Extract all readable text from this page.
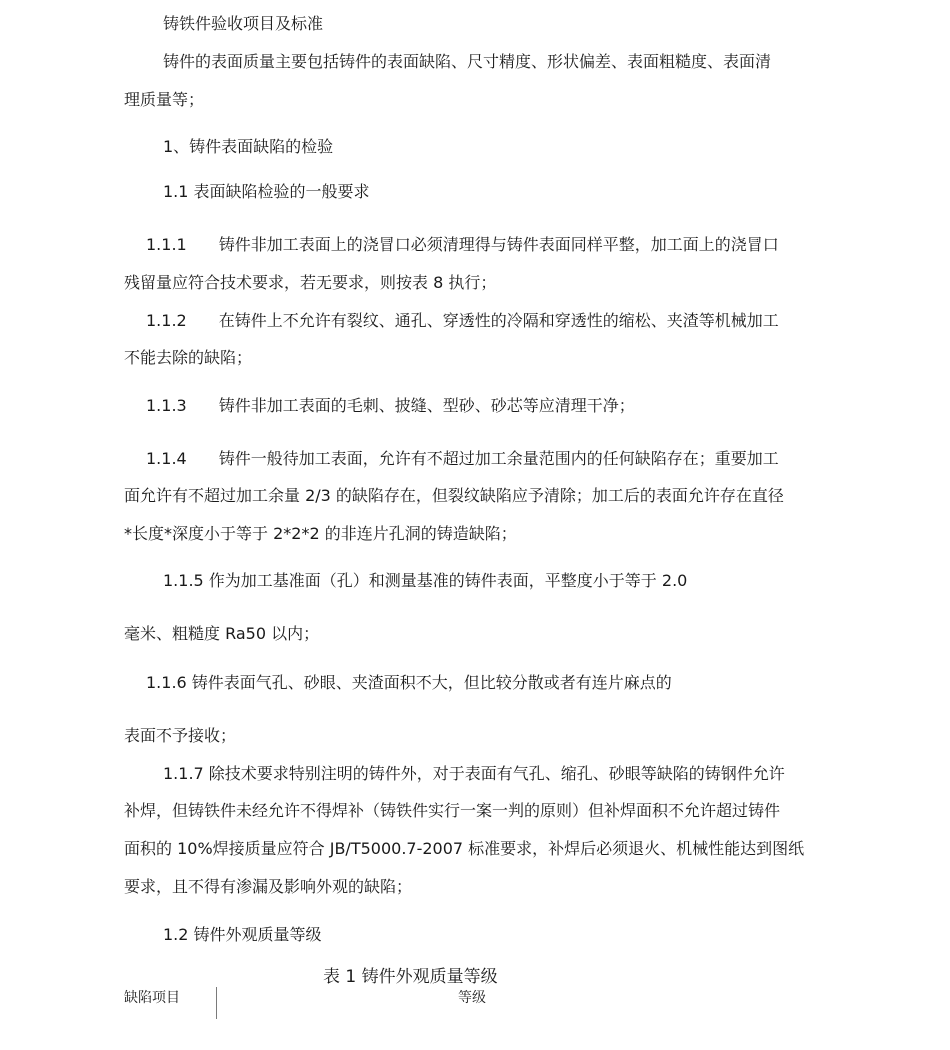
铸铁件验收项目及标准
铸件的表面质量主要包括铸件的表面缺陷、尺寸精度、形状偏差、表面粗糙度、表面清
理质量等；
1、铸件表面缺陷的检验
1.1 表面缺陷检验的一般要求
1.1.1　　铸件非加工表面上的浇冒口必须清理得与铸件表面同样平整，加工面上的浇冒口
残留量应符合技术要求，若无要求，则按表 8 执行；
1.1.2　　在铸件上不允许有裂纹、通孔、穿透性的冷隔和穿透性的缩松、夹渣等机械加工
不能去除的缺陷；
1.1.3　　铸件非加工表面的毛刺、披缝、型砂、砂芯等应清理干净；
1.1.4　　铸件一般待加工表面，允许有不超过加工余量范围内的任何缺陷存在；重要加工
面允许有不超过加工余量 2/3 的缺陷存在，但裂纹缺陷应予清除；加工后的表面允许存在直径
*长度*深度小于等于 2*2*2 的非连片孔洞的铸造缺陷；
1.1.5 作为加工基准面（孔）和测量基准的铸件表面，平整度小于等于 2.0
毫米、粗糙度 Ra50 以内；
1.1.6 铸件表面气孔、砂眼、夹渣面积不大，但比较分散或者有连片麻点的
表面不予接收；
1.1.7 除技术要求特别注明的铸件外，对于表面有气孔、缩孔、砂眼等缺陷的铸钢件允许
补焊，但铸铁件未经允许不得焊补（铸铁件实行一案一判的原则）但补焊面积不允许超过铸件
面积的 10%焊接质量应符合 JB/T5000.7-2007 标准要求，补焊后必须退火、机械性能达到图纸
要求，且不得有渗漏及影响外观的缺陷；
1.2 铸件外观质量等级
表 1 铸件外观质量等级
缺陷项目	等级
